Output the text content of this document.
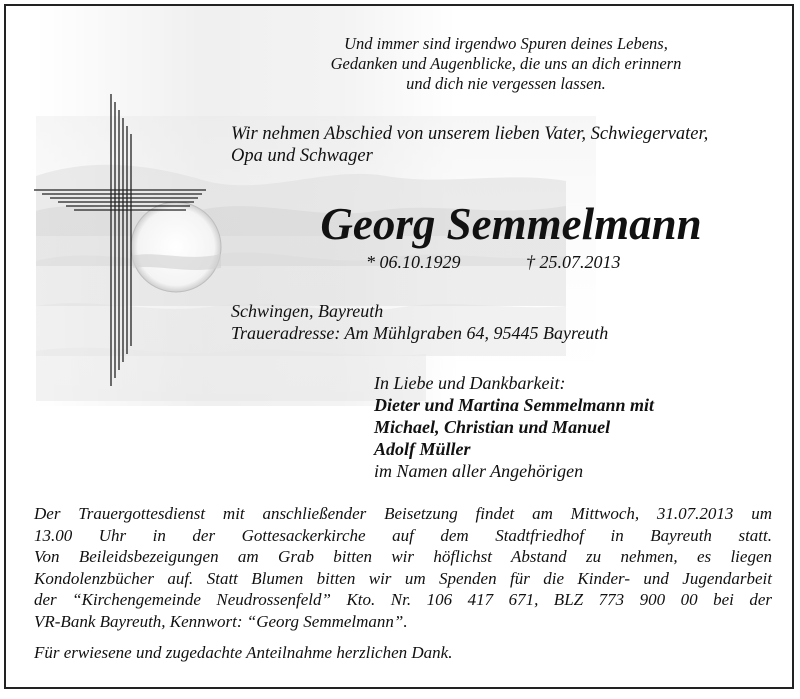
Und immer sind irgendwo Spuren deines Lebens,
Gedanken und Augenblicke, die uns an dich erinnern
und dich nie vergessen lassen.
Wir nehmen Abschied von unserem lieben Vater, Schwiegervater,
Opa und Schwager
Georg Semmelmann
* 06.10.1929	† 25.07.2013
Schwingen, Bayreuth
Traueradresse: Am Mühlgraben 64, 95445 Bayreuth
In Liebe und Dankbarkeit:
Dieter und Martina Semmelmann mit
Michael, Christian und Manuel
Adolf Müller
im Namen aller Angehörigen
Der Trauergottesdienst mit anschließender Beisetzung findet am Mittwoch, 31.07.2013 um
13.00 Uhr in der Gottesackerkirche auf dem Stadtfriedhof in Bayreuth statt.
Von Beileidsbezeigungen am Grab bitten wir höflichst Abstand zu nehmen, es liegen
Kondolenzbücher auf. Statt Blumen bitten wir um Spenden für die Kinder- und Jugendarbeit
der “Kirchengemeinde Neudrossenfeld” Kto. Nr. 106 417 671, BLZ 773 900 00 bei der
VR-Bank Bayreuth, Kennwort: “Georg Semmelmann”.
Für erwiesene und zugedachte Anteilnahme herzlichen Dank.
